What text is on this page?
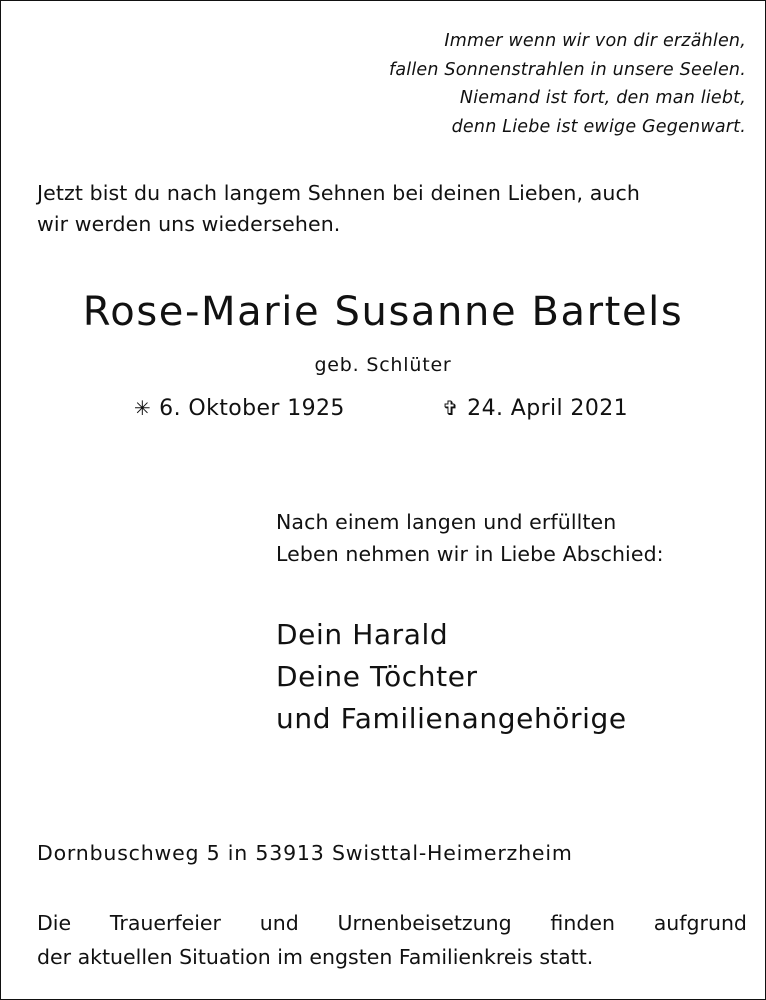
Immer wenn wir von dir erzählen,
fallen Sonnenstrahlen in unsere Seelen.
Niemand ist fort, den man liebt,
denn Liebe ist ewige Gegenwart.
Jetzt bist du nach langem Sehnen bei deinen Lieben, auch
wir werden uns wiedersehen.
Rose-Marie Susanne Bartels
geb. Schlüter
✳ 6. Oktober 1925	✞ 24. April 2021
Nach einem langen und erfüllten
Leben nehmen wir in Liebe Abschied:
Dein Harald
Deine Töchter
und Familienangehörige
Dornbuschweg 5 in 53913 Swisttal-Heimerzheim
Die Trauerfeier und Urnenbeisetzung finden aufgrund
der aktuellen Situation im engsten Familienkreis statt.
